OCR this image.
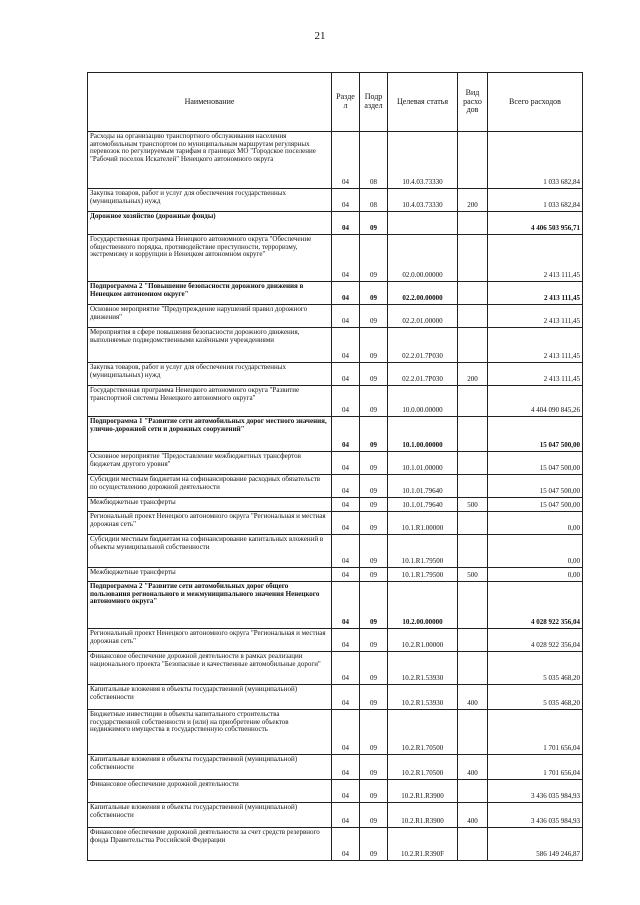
21
Наименование	Разде л	Подр аздел	Целевая статья	Вид расхо дов	Всего расходов
Расходы на организацию транспортного обслуживания населения автомобильным транспортом по муниципальным маршрутам регулярных перевозок по регулируемым тарифам в границах МО "Городское поселение "Рабочий поселок Искателей" Ненецкого автономного округа	04	08	10.4.03.73330		1 033 682,84
Закупка товаров, работ и услуг для обеспечения государственных (муниципальных) нужд	04	08	10.4.03.73330	200	1 033 682,84
Дорожное хозяйство (дорожные фонды)	04	09			4 406 503 956,71
Государственная программа Ненецкого автономного округа "Обеспечение общественного порядка, противодействие преступности, терроризму, экстремизму и коррупции в Ненецком автономном округе"	04	09	02.0.00.00000		2 413 111,45
Подпрограмма 2 "Повышение безопасности дорожного движения в Ненецком автономном округе"	04	09	02.2.00.00000		2 413 111,45
Основное мероприятие "Предупреждение нарушений правил дорожного движения"	04	09	02.2.01.00000		2 413 111,45
Мероприятия в сфере повышения безопасности дорожного движения, выполняемые подведомственными казёнными учреждениями	04	09	02.2.01.7Р030		2 413 111,45
Закупка товаров, работ и услуг для обеспечения государственных (муниципальных) нужд	04	09	02.2.01.7Р030	200	2 413 111,45
Государственная программа Ненецкого автономного округа "Развитие транспортной системы Ненецкого автономного округа"	04	09	10.0.00.00000		4 404 090 845,26
Подпрограмма 1 "Развитие сети автомобильных дорог местного значения, улично-дорожной сети и дорожных сооружений"	04	09	10.1.00.00000		15 047 500,00
Основное мероприятие "Предоставление межбюджетных трансфертов бюджетам другого уровня"	04	09	10.1.01.00000		15 047 500,00
Субсидии местным бюджетам на софинансирование расходных обязательств по осуществлению дорожной деятельности	04	09	10.1.01.79640		15 047 500,00
Межбюджетные трансферты	04	09	10.1.01.79640	500	15 047 500,00
Региональный проект Ненецкого автономного округа "Региональная и местная дорожная сеть"	04	09	10.1.R1.00000		0,00
Субсидии местным бюджетам на софинансирование капитальных вложений в объекты муниципальной собственности	04	09	10.1.R1.79500		0,00
Межбюджетные трансферты	04	09	10.1.R1.79500	500	0,00
Подпрограмма 2 "Развитие сети автомобильных дорог общего пользования регионального и межмуниципального значения Ненецкого автономного округа"	04	09	10.2.00.00000		4 028 922 356,04
Региональный проект Ненецкого автономного округа "Региональная и местная дорожная сеть"	04	09	10.2.R1.00000		4 028 922 356,04
Финансовое обеспечение дорожной деятельности в рамках реализации национального проекта "Безопасные и качественные автомобильные дороги"	04	09	10.2.R1.53930		5 035 468,20
Капитальные вложения в объекты государственной (муниципальной) собственности	04	09	10.2.R1.53930	400	5 035 468,20
Бюджетные инвестиции в объекты капитального строительства государственной собственности и (или) на приобретение объектов недвижимого имущества в государственную собственность	04	09	10.2.R1.70500		1 701 656,04
Капитальные вложения в объекты государственной (муниципальной) собственности	04	09	10.2.R1.70500	400	1 701 656,04
Финансовое обеспечение дорожной деятельности	04	09	10.2.R1.R3900		3 436 035 984,93
Капитальные вложения в объекты государственной (муниципальной) собственности	04	09	10.2.R1.R3900	400	3 436 035 984,93
Финансовое обеспечение дорожной деятельности за счет средств резервного фонда Правительства Российской Федерации	04	09	10.2.R1.R390F		586 149 246,87
